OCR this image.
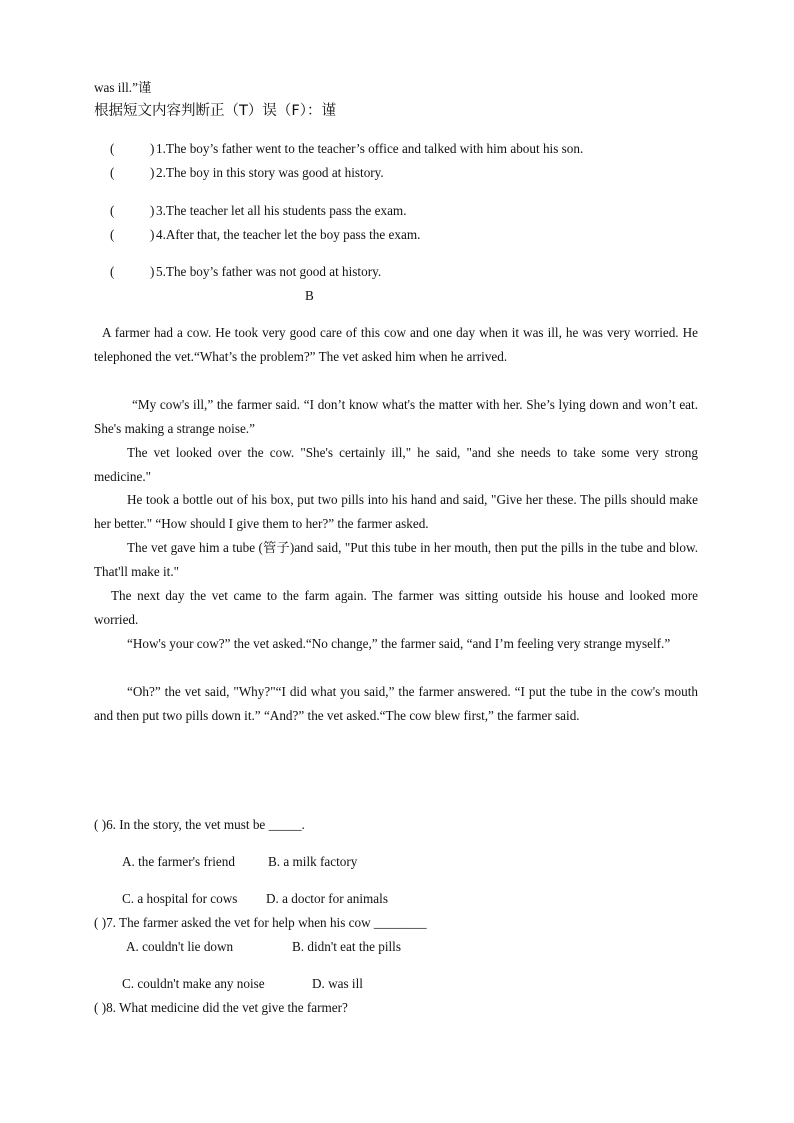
was ill.”谨
根据短文内容判断正（T）误（F）：谨
(	) 1.The boy’s father went to the teacher’s office and talked with him about his son.
(	) 2.The boy in this story was good at history.
(	) 3.The teacher let all his students pass the exam.
(	) 4.After that, the teacher let the boy pass the exam.
(	) 5.The boy’s father was not good at history.
B
A farmer had a cow. He took very good care of this cow and one day when it was ill, he was very worried. He telephoned the vet.“What’s the problem?” The vet asked him when he arrived.
“My cow's ill,” the farmer said. “I don’t know what's the matter with her. She’s lying down and won’t eat. She's making a strange noise.”
The vet looked over the cow. "She's certainly ill," he said, "and she needs to take some very strong medicine."
He took a bottle out of his box, put two pills into his hand and said, "Give her these. The pills should make her better." “How should I give them to her?” the farmer asked.
The vet gave him a tube (管子)and said, "Put this tube in her mouth, then put the pills in the tube and blow. That'll make it."
The next day the vet came to the farm again. The farmer was sitting outside his house and looked more worried.
“How's your cow?” the vet asked.“No change,” the farmer said, “and I’m feeling very strange myself.”
“Oh?” the vet said, "Why?"“I did what you said,” the farmer answered. “I put the tube in the cow's mouth and then put two pills down it.” “And?” the vet asked.“The cow blew first,” the farmer said.
( )6. In the story, the vet must be _____.
A. the farmer's friend	B. a milk factory
C. a hospital for cows D. a doctor for animals
( )7. The farmer asked the vet for help when his cow ________
A. couldn't lie down	B. didn't eat the pills
C. couldn't make any noise	D. was ill
( )8. What medicine did the vet give the farmer?
